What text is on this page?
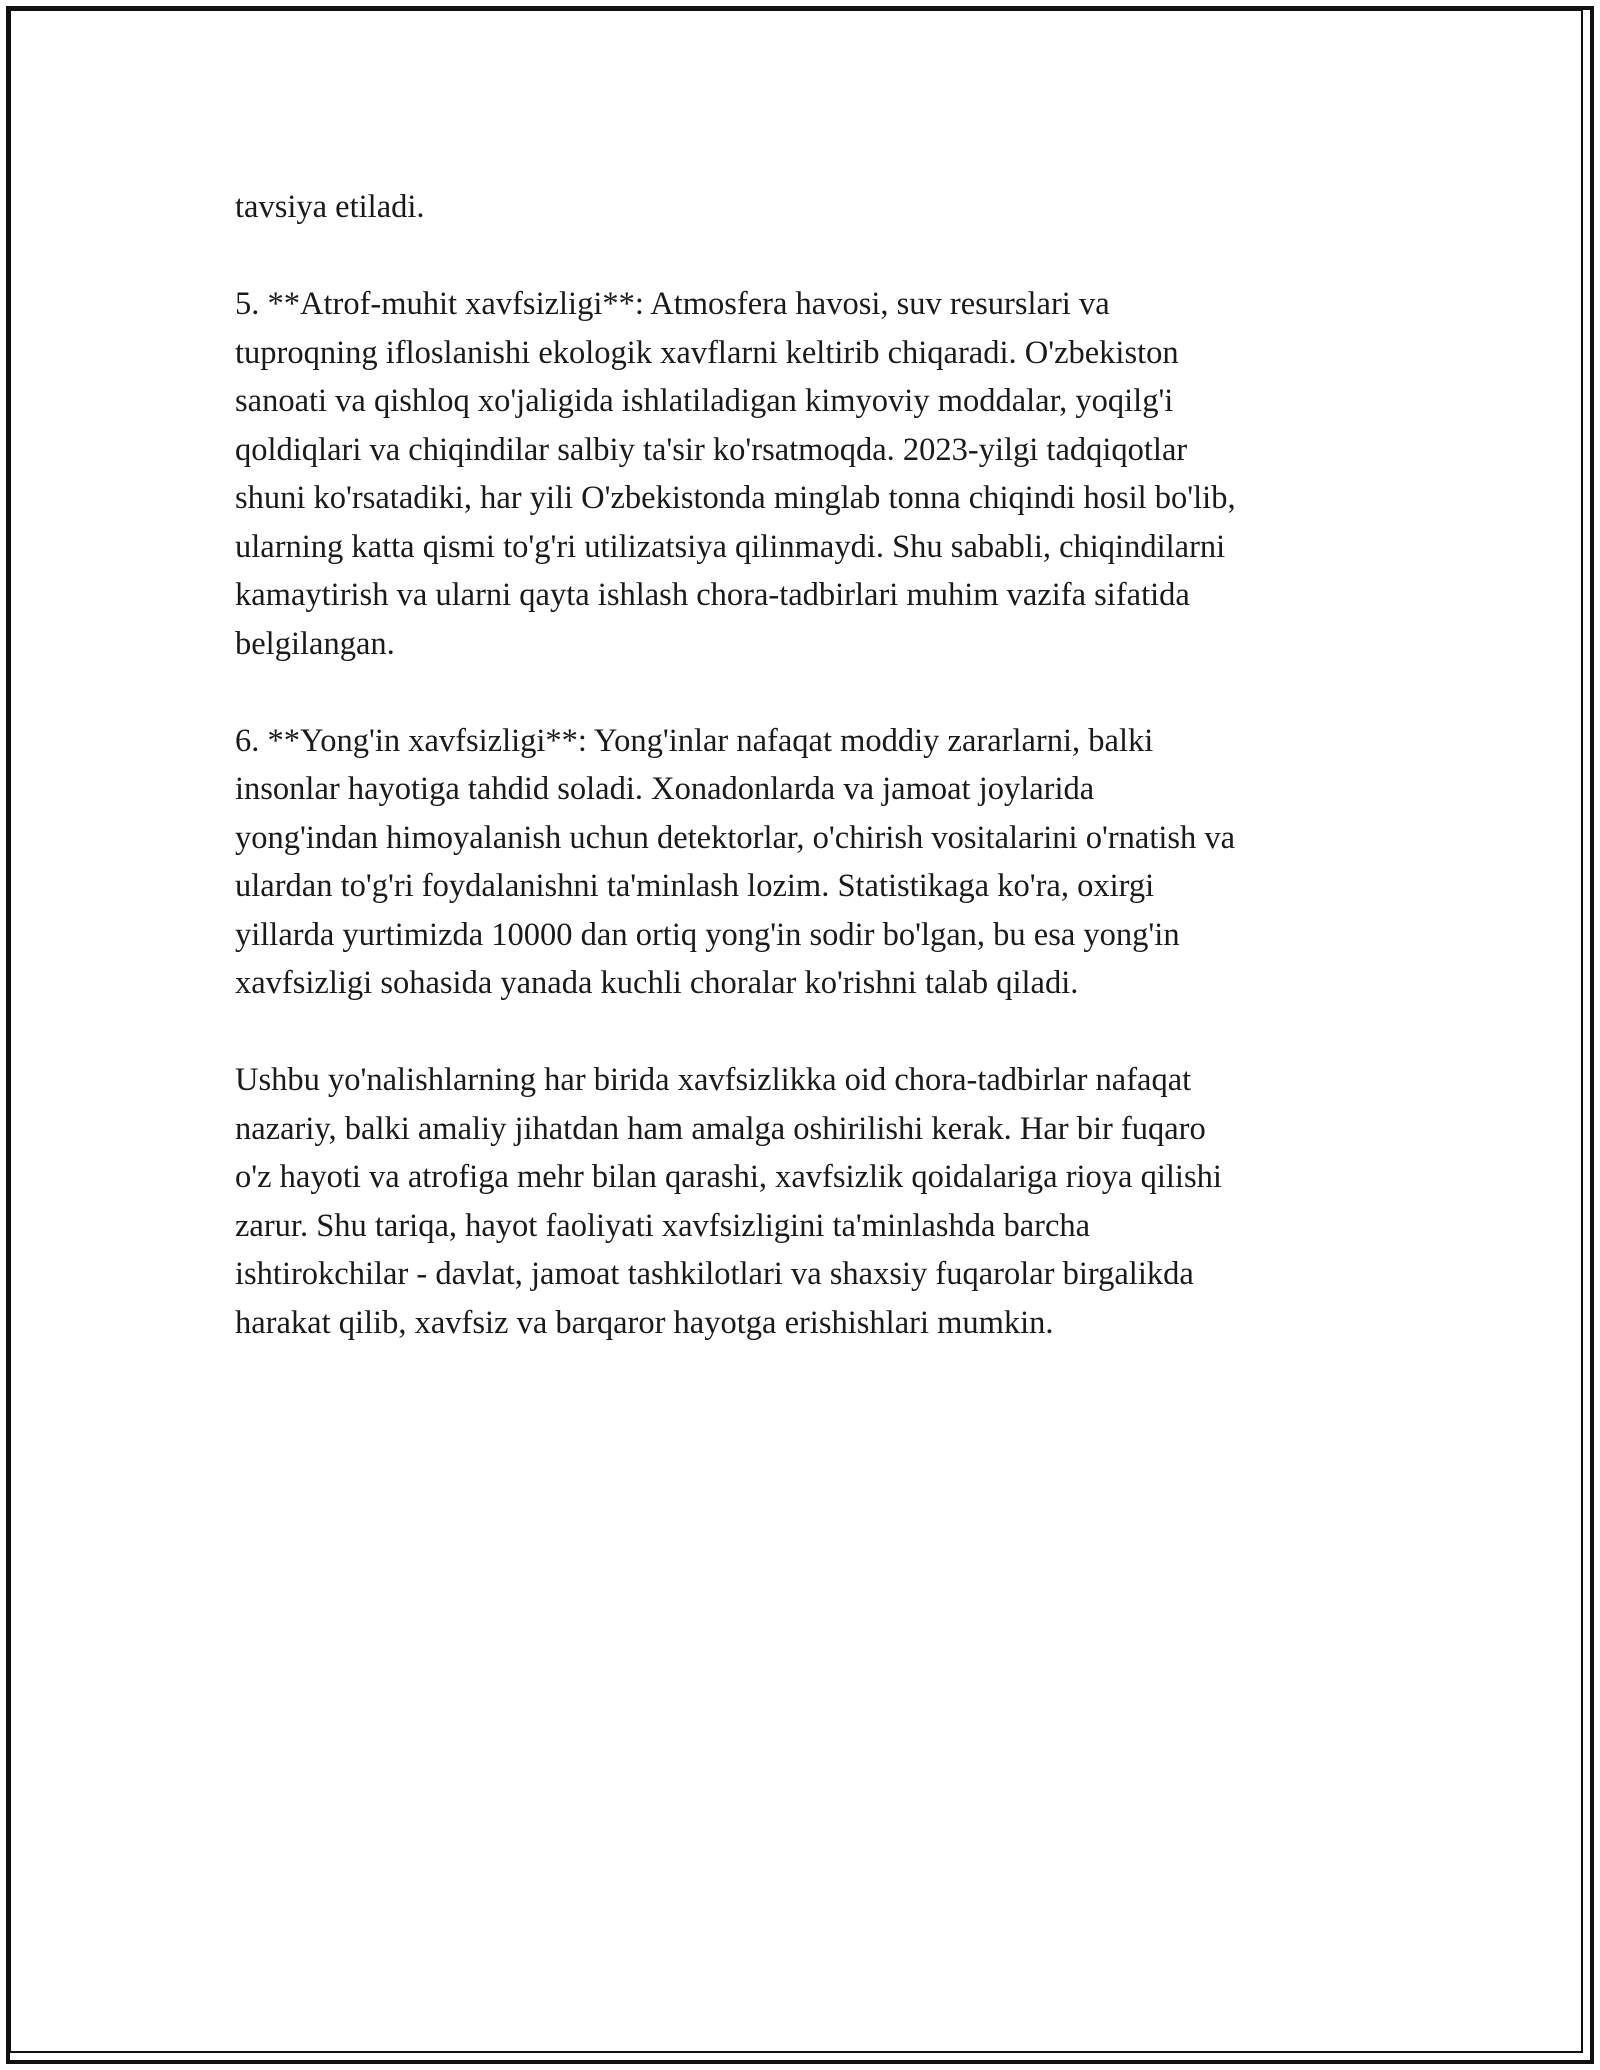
tavsiya etiladi.
5. **Atrof-muhit xavfsizligi**: Atmosfera havosi, suv resurslari va
tuproqning ifloslanishi ekologik xavflarni keltirib chiqaradi. O'zbekiston
sanoati va qishloq xo'jaligida ishlatiladigan kimyoviy moddalar, yoqilg'i
qoldiqlari va chiqindilar salbiy ta'sir ko'rsatmoqda. 2023-yilgi tadqiqotlar
shuni ko'rsatadiki, har yili O'zbekistonda minglab tonna chiqindi hosil bo'lib,
ularning katta qismi to'g'ri utilizatsiya qilinmaydi. Shu sababli, chiqindilarni
kamaytirish va ularni qayta ishlash chora-tadbirlari muhim vazifa sifatida
belgilangan.
6. **Yong'in xavfsizligi**: Yong'inlar nafaqat moddiy zararlarni, balki
insonlar hayotiga tahdid soladi. Xonadonlarda va jamoat joylarida
yong'indan himoyalanish uchun detektorlar, o'chirish vositalarini o'rnatish va
ulardan to'g'ri foydalanishni ta'minlash lozim. Statistikaga ko'ra, oxirgi
yillarda yurtimizda 10000 dan ortiq yong'in sodir bo'lgan, bu esa yong'in
xavfsizligi sohasida yanada kuchli choralar ko'rishni talab qiladi.
Ushbu yo'nalishlarning har birida xavfsizlikka oid chora-tadbirlar nafaqat
nazariy, balki amaliy jihatdan ham amalga oshirilishi kerak. Har bir fuqaro
o'z hayoti va atrofiga mehr bilan qarashi, xavfsizlik qoidalariga rioya qilishi
zarur. Shu tariqa, hayot faoliyati xavfsizligini ta'minlashda barcha
ishtirokchilar - davlat, jamoat tashkilotlari va shaxsiy fuqarolar birgalikda
harakat qilib, xavfsiz va barqaror hayotga erishishlari mumkin.
